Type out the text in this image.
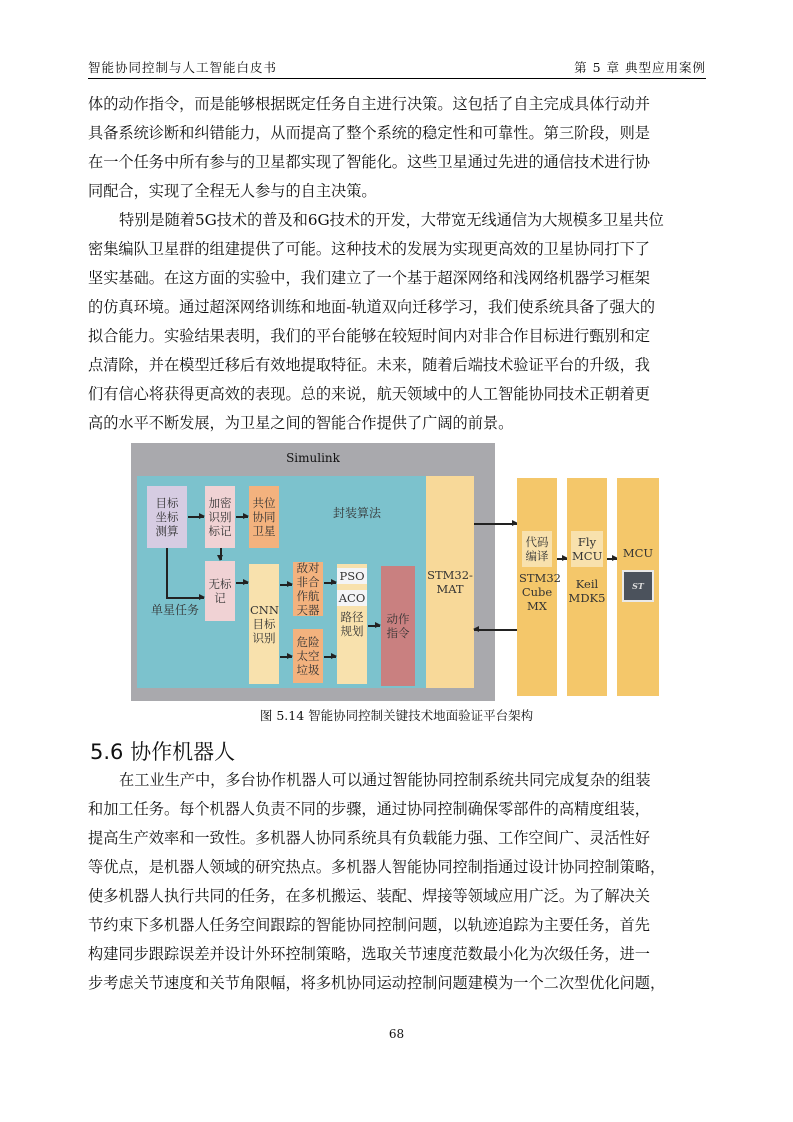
智能协同控制与人工智能白皮书	第 5 章 典型应用案例
体的动作指令，而是能够根据既定任务自主进行决策。这包括了自主完成具体行动并
具备系统诊断和纠错能力，从而提高了整个系统的稳定性和可靠性。第三阶段，则是
在一个任务中所有参与的卫星都实现了智能化。这些卫星通过先进的通信技术进行协
同配合，实现了全程无人参与的自主决策。
特别是随着5G技术的普及和6G技术的开发，大带宽无线通信为大规模多卫星共位
密集编队卫星群的组建提供了可能。这种技术的发展为实现更高效的卫星协同打下了
坚实基础。在这方面的实验中，我们建立了一个基于超深网络和浅网络机器学习框架
的仿真环境。通过超深网络训练和地面-轨道双向迁移学习，我们使系统具备了强大的
拟合能力。实验结果表明，我们的平台能够在较短时间内对非合作目标进行甄别和定
点清除，并在模型迁移后有效地提取特征。未来，随着后端技术验证平台的升级，我
们有信心将获得更高效的表现。总的来说，航天领域中的人工智能协同技术正朝着更
高的水平不断发展，为卫星之间的智能合作提供了广阔的前景。
Simulink
封装算法
目标坐标测算
加密识别标记
共位协同卫星
单星任务
无标记
CNN目标识别
敌对非合作航天器
危险太空垃圾
PSO
ACO
路径规划
动作指令
STM32-MAT
代码编译
STM32 Cube MX
Fly MCU
Keil MDK5
MCU
ST
图 5.14 智能协同控制关键技术地面验证平台架构
5.6 协作机器人
在工业生产中，多台协作机器人可以通过智能协同控制系统共同完成复杂的组装
和加工任务。每个机器人负责不同的步骤，通过协同控制确保零部件的高精度组装，
提高生产效率和一致性。多机器人协同系统具有负载能力强、工作空间广、灵活性好
等优点，是机器人领域的研究热点。多机器人智能协同控制指通过设计协同控制策略，
使多机器人执行共同的任务，在多机搬运、装配、焊接等领域应用广泛。为了解决关
节约束下多机器人任务空间跟踪的智能协同控制问题，以轨迹追踪为主要任务，首先
构建同步跟踪误差并设计外环控制策略，选取关节速度范数最小化为次级任务，进一
步考虑关节速度和关节角限幅，将多机协同运动控制问题建模为一个二次型优化问题，
68
